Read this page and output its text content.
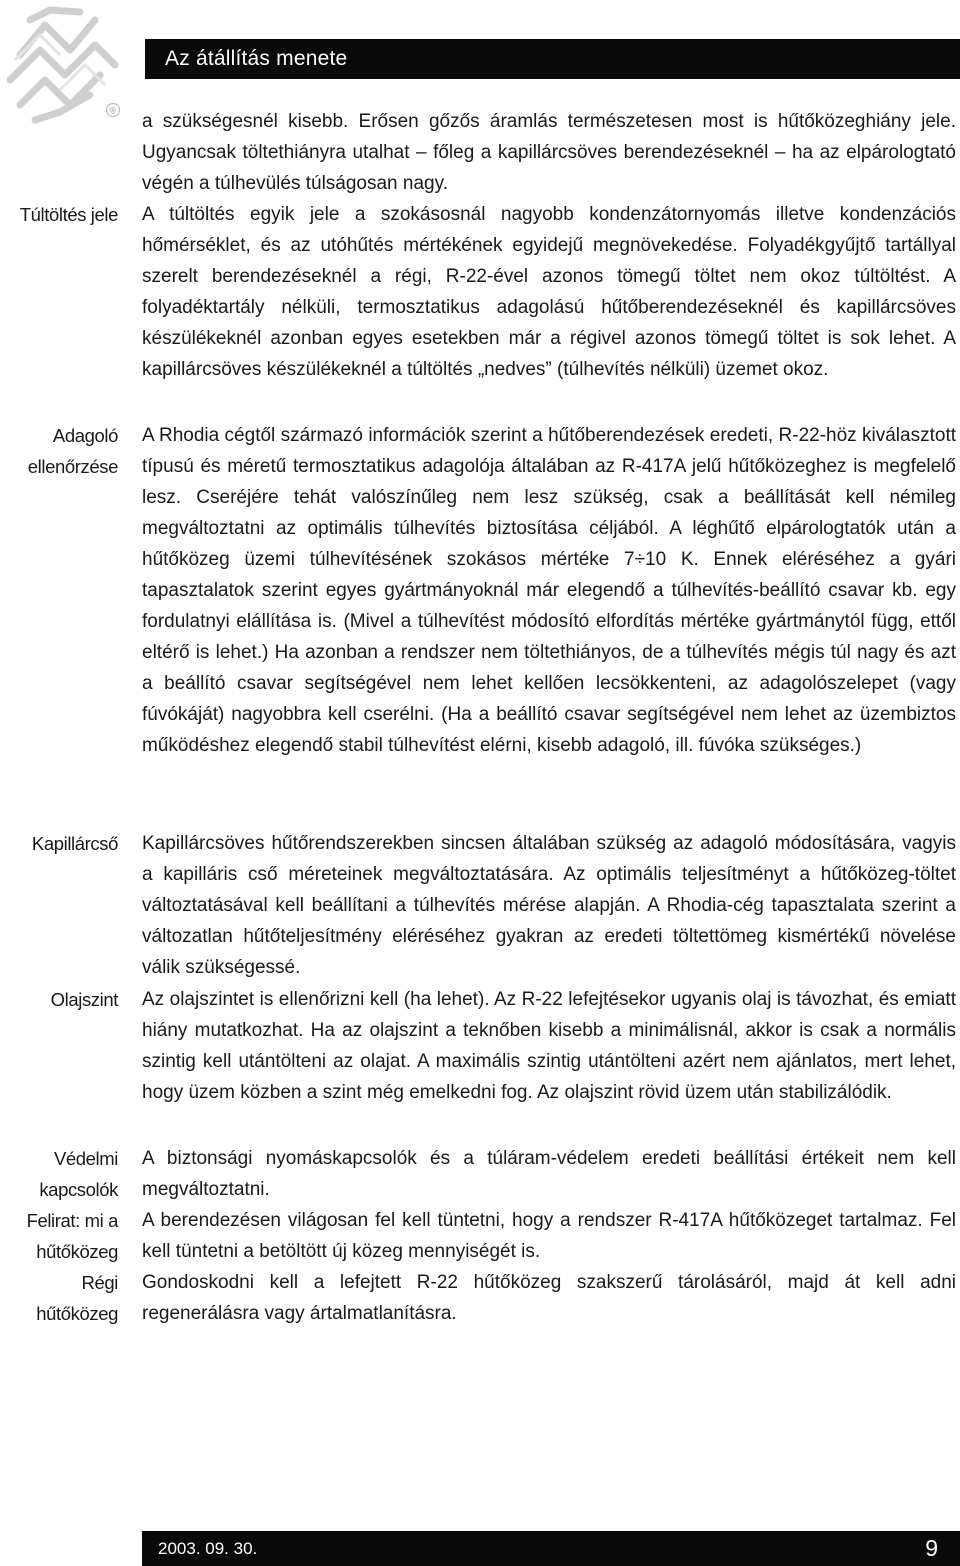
®
Az átállítás menete
a szükségesnél kisebb. Erősen gőzős áramlás természetesen most is hűtőközeghiány jele. Ugyancsak töltethiányra utalhat – főleg a kapillárcsöves berendezéseknél – ha az elpárologtató végén a túlhevülés túlságosan nagy.
Túltöltés jele A túltöltés egyik jele a szokásosnál nagyobb kondenzátornyomás illetve kondenzációs hőmérséklet, és az utóhűtés mértékének egyidejű megnövekedése. Folyadékgyűjtő tartállyal szerelt berendezéseknél a régi, R-22-ével azonos tömegű töltet nem okoz túltöltést. A folyadéktartály nélküli, termosztatikus adagolású hűtőberendezéseknél és kapillárcsöves készülékeknél azonban egyes esetekben már a régivel azonos tömegű töltet is sok lehet. A kapillárcsöves készülékeknél a túltöltés „nedves” (túlhevítés nélküli) üzemet okoz.
Adagoló ellenőrzése
A Rhodia cégtől származó információk szerint a hűtőberendezések eredeti, R-22-höz kiválasztott típusú és méretű termosztatikus adagolója általában az R-417A jelű hűtőközeghez is megfelelő lesz. Cseréjére tehát valószínűleg nem lesz szükség, csak a beállítását kell némileg megváltoztatni az optimális túlhevítés biztosítása céljából. A léghűtő elpárologtatók után a hűtőközeg üzemi túlhevítésének szokásos mértéke 7÷10 K. Ennek eléréséhez a gyári tapasztalatok szerint egyes gyártmányoknál már elegendő a túlhevítés-beállító csavar kb. egy fordulatnyi elállítása is. (Mivel a túlhevítést módosító elfordítás mértéke gyártmánytól függ, ettől eltérő is lehet.) Ha azonban a rendszer nem töltethiányos, de a túlhevítés mégis túl nagy és azt a beállító csavar segítségével nem lehet kellően lecsökkenteni, az adagolószelepet (vagy fúvókáját) nagyobbra kell cserélni. (Ha a beállító csavar segítségével nem lehet az üzembiztos működéshez elegendő stabil túlhevítést elérni, kisebb adagoló, ill. fúvóka szükséges.)
Kapillárcső Kapillárcsöves hűtőrendszerekben sincsen általában szükség az adagoló módosítására, vagyis a kapilláris cső méreteinek megváltoztatására. Az optimális teljesítményt a hűtőközeg-töltet változtatásával kell beállítani a túlhevítés mérése alapján. A Rhodia-cég tapasztalata szerint a változatlan hűtőteljesítmény eléréséhez gyakran az eredeti töltettömeg kismértékű növelése válik szükségessé.
Olajszint Az olajszintet is ellenőrizni kell (ha lehet). Az R-22 lefejtésekor ugyanis olaj is távozhat, és emiatt hiány mutatkozhat. Ha az olajszint a teknőben kisebb a minimálisnál, akkor is csak a normális szintig kell utántölteni az olajat. A maximális szintig utántölteni azért nem ajánlatos, mert lehet, hogy üzem közben a szint még emelkedni fog. Az olajszint rövid üzem után stabilizálódik.
Védelmi kapcsolók
A biztonsági nyomáskapcsolók és a túláram-védelem eredeti beállítási értékeit nem kell megváltoztatni.
Felirat: mi a hűtőközeg
A berendezésen világosan fel kell tüntetni, hogy a rendszer R-417A hűtőközeget tartalmaz. Fel kell tüntetni a betöltött új közeg mennyiségét is.
Régi hűtőközeg
Gondoskodni kell a lefejtett R-22 hűtőközeg szakszerű tárolásáról, majd át kell adni regenerálásra vagy ártalmatlanításra.
2003. 09. 30.	9
